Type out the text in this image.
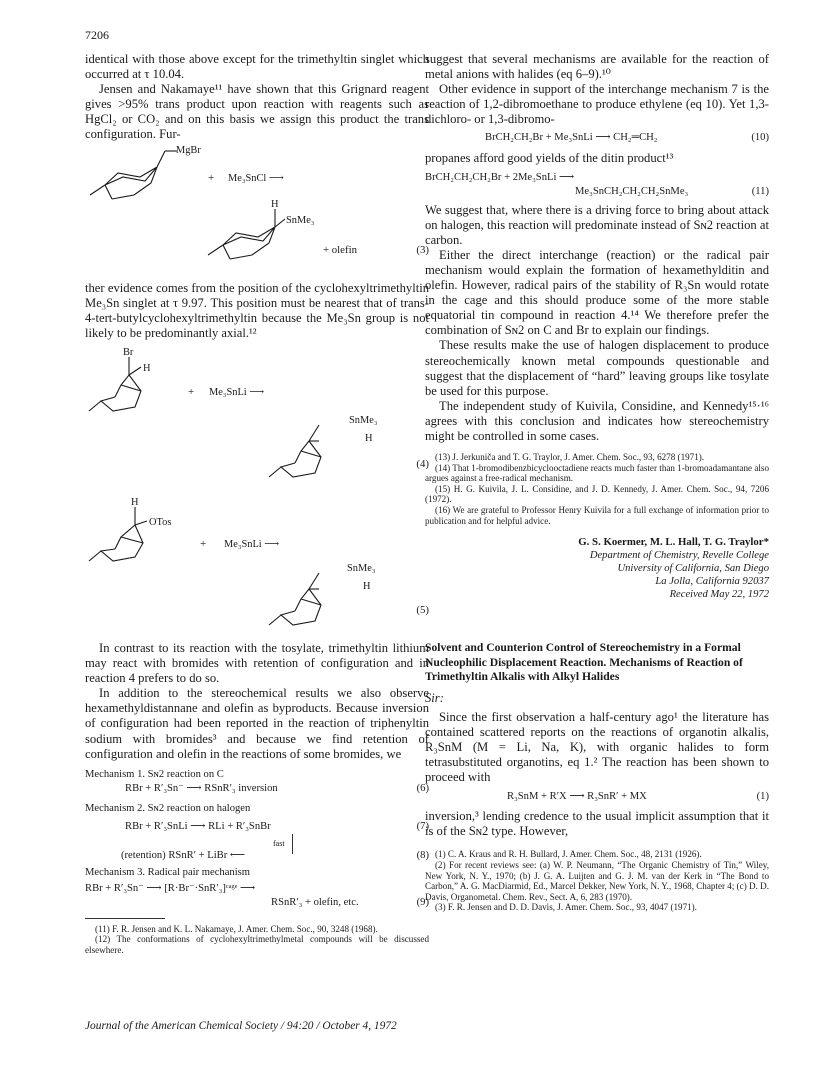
7206

identical with those above except for the trimethyltin singlet which occurred at τ 10.04.

Jensen and Nakamaye¹¹ have shown that this Grignard reagent gives >95% trans product upon reaction with reagents such as HgCl₂ or CO₂ and on this basis we assign this product the trans configuration. Fur-

MgBr
+ Me₃SnCl ⟶
H
SnMe₃
+ olefin	(3)

ther evidence comes from the position of the cyclohexyltrimethyltin Me₃Sn singlet at τ 9.97. This position must be nearest that of trans-4-tert-butylcyclohexyltrimethyltin because the Me₃Sn group is not likely to be predominantly axial.¹²

Br
H
+ Me₃SnLi ⟶
SnMe₃
H
(4)
H
OTos
+ Me₃SnLi ⟶
SnMe₃
H
(5)

In contrast to its reaction with the tosylate, trimethyltin lithium may react with bromides with retention of configuration and in reaction 4 prefers to do so.

In addition to the stereochemical results we also observe hexamethyldistannane and olefin as byproducts. Because inversion of configuration had been reported in the reaction of triphenyltin sodium with bromides³ and because we find retention of configuration and olefin in the reactions of some bromides, we

Mechanism 1. Sɴ2 reaction on C
RBr + R′₃Sn⁻ ⟶ RSnR′₃ inversion	(6)
Mechanism 2. Sɴ2 reaction on halogen
RBr + R′₃SnLi ⟶ RLi + R′₃SnBr	(7)
fast
(retention) RSnR′ + LiBr ⟵	(8)
Mechanism 3. Radical pair mechanism
RBr + R′₃Sn⁻ ⟶ [R·Br⁻·SnR′₃]ᶜᵃᵍᵉ ⟶
RSnR′₃ + olefin, etc.	(9)

(11) F. R. Jensen and K. L. Nakamaye, J. Amer. Chem. Soc., 90, 3248 (1968).

(12) The conformations of cyclohexyltrimethylmetal compounds will be discussed elsewhere.

suggest that several mechanisms are available for the reaction of metal anions with halides (eq 6–9).¹⁰

Other evidence in support of the interchange mechanism 7 is the reaction of 1,2-dibromoethane to produce ethylene (eq 10). Yet 1,3-dichloro- or 1,3-dibromo-

BrCH₂CH₂Br + Me₃SnLi ⟶ CH₂═CH₂	(10)

propanes afford good yields of the ditin product¹³

BrCH₂CH₂CH₂Br + 2Me₃SnLi ⟶
Me₃SnCH₂CH₂CH₂SnMe₃	(11)

We suggest that, where there is a driving force to bring about attack on halogen, this reaction will predominate instead of Sɴ2 reaction at carbon.

Either the direct interchange (reaction) or the radical pair mechanism would explain the formation of hexamethylditin and olefin. However, radical pairs of the stability of R₃Sn would rotate in the cage and this should produce some of the more stable equatorial tin compound in reaction 4.¹⁴ We therefore prefer the combination of Sɴ2 on C and Br to explain our findings.

These results make the use of halogen displacement to produce stereochemically known metal compounds questionable and suggest that the displacement of “hard” leaving groups like tosylate be used for this purpose.

The independent study of Kuivila, Considine, and Kennedy¹⁵·¹⁶ agrees with this conclusion and indicates how stereochemistry might be controlled in some cases.

(13) J. Jerkuniča and T. G. Traylor, J. Amer. Chem. Soc., 93, 6278 (1971).

(14) That 1-bromodibenzbicyclooctadiene reacts much faster than 1-bromoadamantane also argues against a free-radical mechanism.

(15) H. G. Kuivila, J. L. Considine, and J. D. Kennedy, J. Amer. Chem. Soc., 94, 7206 (1972).

(16) We are grateful to Professor Henry Kuivila for a full exchange of information prior to publication and for helpful advice.

G. S. Koermer, M. L. Hall, T. G. Traylor*
Department of Chemistry, Revelle College
University of California, San Diego
La Jolla, California 92037
Received May 22, 1972
Solvent and Counterion Control of Stereochemistry in a Formal Nucleophilic Displacement Reaction. Mechanisms of Reaction of Trimethyltin Alkalis with Alkyl Halides
Sir:

Since the first observation a half-century ago¹ the literature has contained scattered reports on the reactions of organotin alkalis, R₃SnM (M = Li, Na, K), with organic halides to form tetrasubstituted organotins, eq 1.² The reaction has been shown to proceed with

R₃SnM + R′X ⟶ R₃SnR′ + MX	(1)

inversion,³ lending credence to the usual implicit assumption that it is of the Sɴ2 type. However,

(1) C. A. Kraus and R. H. Bullard, J. Amer. Chem. Soc., 48, 2131 (1926).

(2) For recent reviews see: (a) W. P. Neumann, “The Organic Chemistry of Tin,” Wiley, New York, N. Y., 1970; (b) J. G. A. Luijten and G. J. M. van der Kerk in “The Bond to Carbon,” A. G. MacDiarmid, Ed., Marcel Dekker, New York, N. Y., 1968, Chapter 4; (c) D. D. Davis, Organometal. Chem. Rev., Sect. A, 6, 283 (1970).

(3) F. R. Jensen and D. D. Davis, J. Amer. Chem. Soc., 93, 4047 (1971).

Journal of the American Chemical Society / 94:20 / October 4, 1972
